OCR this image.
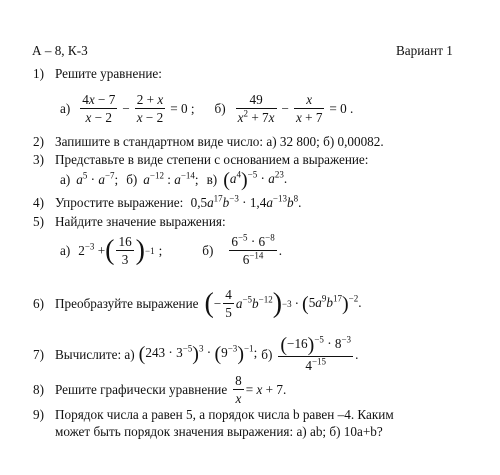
А – 8, К-3	Вариант 1
1) Решите уравнение:
$а) \frac{4x - 7}{x - 2} - \frac{2 + x}{x - 2} = 0$ ; $б) \frac{49}{x^2 + 7x} - \frac{x}{x + 7} = 0$ .
2) Запишите в стандартном виде число: а) 32 800; б) 0,00082.
3) Представьте в виде степени с основанием a выражение:
а) $a^5 \cdot a^{-7}$; б) $a^{-12}$ : $a^{-14}$; в) $(a^4)^{-5} \cdot a^{23}$.
4) Упростите выражение: $0,5a^{17}b^{-3} \cdot 1,4a^{-13}b^8$.
5) Найдите значение выражения:
а) $2^{-3}$ + ( $\frac{16}{3}$ ) −1 ;	$б) \frac{6^{-5} \cdot 6^{-8}}{6^{-14}}$ .
6) Преобразуйте выражение ( − $\frac{4}{5} a^{-5}b^{-12}$ ) $-3 \cdot (5a^9b^{17})^{-2}$.
7) Вычислите: а) $(243 \cdot 3^{-5})^3 \cdot (9^{-3})^{-1}$; $б) \frac{(-16)^{-5} \cdot 8^{-3}}{4^{-15}}$ .
8) Решите графически уравнение $\frac{8}{x} = x + 7$.
9) Порядок числа a равен 5, а порядок числа b равен –4. Каким
может быть порядок значения выражения: а) ab; б) 10a+b?
